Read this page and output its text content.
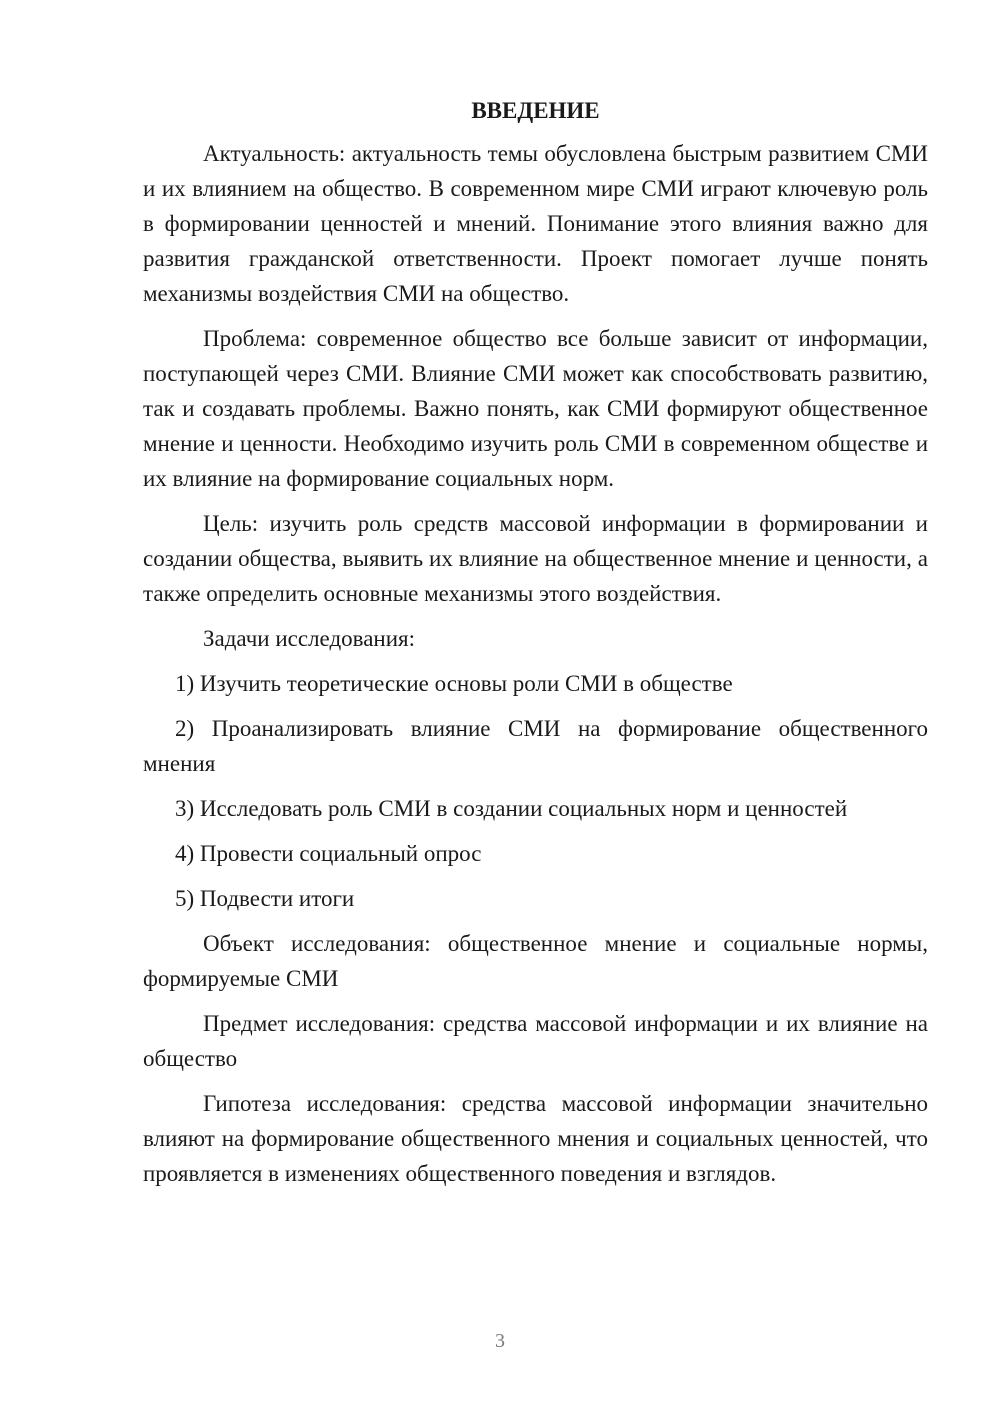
ВВЕДЕНИЕ

Актуальность: актуальность темы обусловлена быстрым развитием СМИ и их влиянием на общество. В современном мире СМИ играют ключевую роль в формировании ценностей и мнений. Понимание этого влияния важно для развития гражданской ответственности. Проект помогает лучше понять механизмы воздействия СМИ на общество.

Проблема: современное общество все больше зависит от информации, поступающей через СМИ. Влияние СМИ может как способствовать развитию, так и создавать проблемы. Важно понять, как СМИ формируют общественное мнение и ценности. Необходимо изучить роль СМИ в современном обществе и их влияние на формирование социальных норм.

Цель: изучить роль средств массовой информации в формировании и создании общества, выявить их влияние на общественное мнение и ценности, а также определить основные механизмы этого воздействия.

Задачи исследования:

1) Изучить теоретические основы роли СМИ в обществе

2) Проанализировать влияние СМИ на формирование общественного мнения

3) Исследовать роль СМИ в создании социальных норм и ценностей

4) Провести социальный опрос

5) Подвести итоги

Объект исследования: общественное мнение и социальные нормы, формируемые СМИ

Предмет исследования: средства массовой информации и их влияние на общество

Гипотеза исследования: средства массовой информации значительно влияют на формирование общественного мнения и социальных ценностей, что проявляется в изменениях общественного поведения и взглядов.

3
